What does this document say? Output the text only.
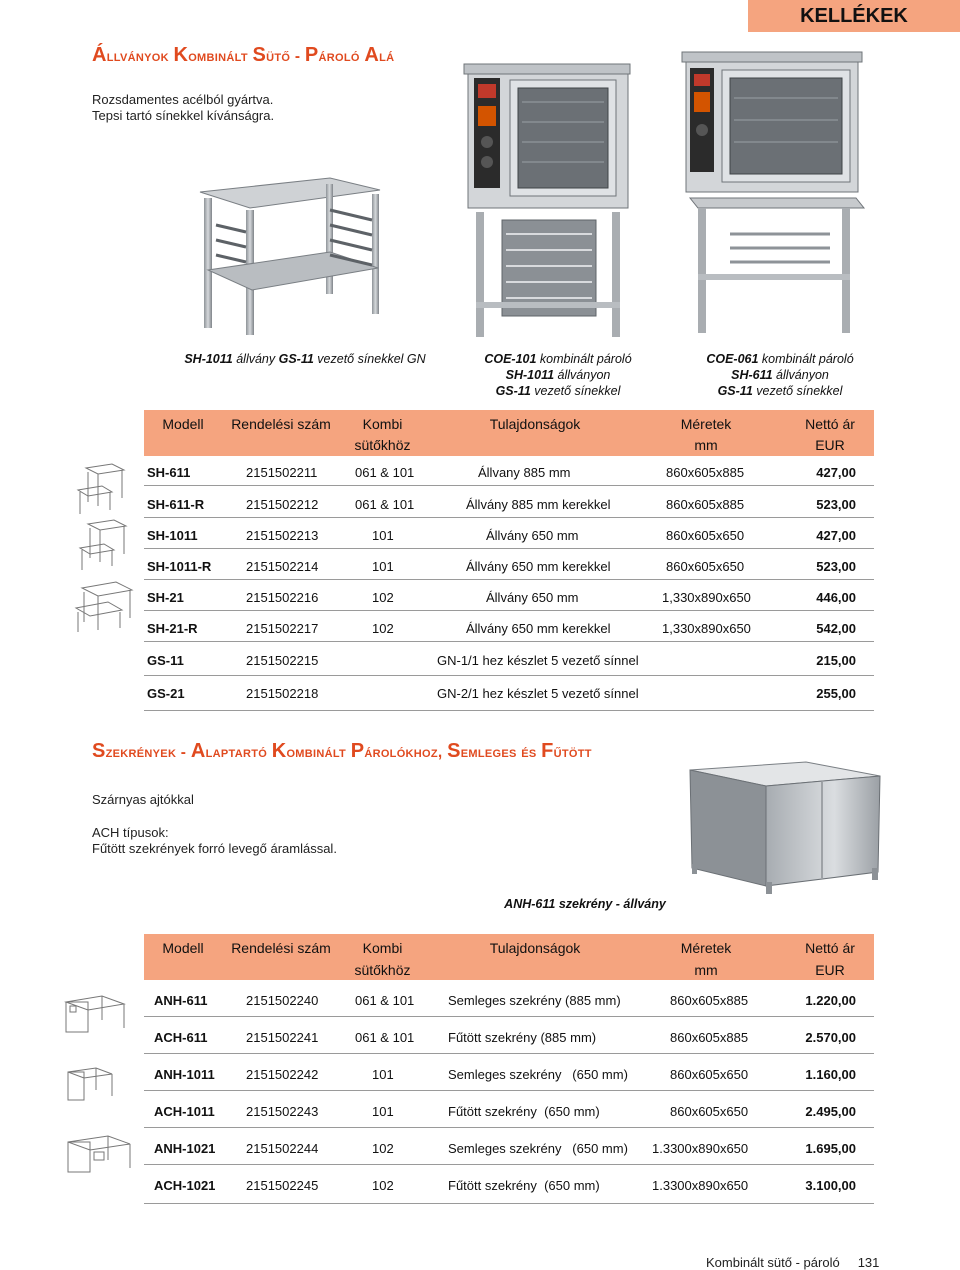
KELLÉKEK
Állványok Kombinált Sütő - Pároló Alá
Rozsdamentes acélból gyártva.
Tepsi tartó sínekkel kívánságra.
SH-1011 állvány GS-11 vezető sínekkel GN	COE-101 kombinált pároló
SH-1011 állványon
GS-11 vezető sínekkel
COE-061 kombinált pároló
SH-611 állványon
GS-11 vezető sínekkel
Modell	Rendelési szám	Kombi
sütőkhöz
Tulajdonságok	Méretek
mm
Nettó ár
EUR
SH-611	2151502211	061 & 101	Állvany 885 mm	860x605x885	427,00
SH-611-R	2151502212	061 & 101	Állvány 885 mm kerekkel	860x605x885	523,00
SH-1011	2151502213	101	Állvány 650 mm	860x605x650	427,00
SH-1011-R	2151502214	101	Állvány 650 mm kerekkel	860x605x650	523,00
SH-21	2151502216	102	Állvány 650 mm	1,330x890x650	446,00
SH-21-R	2151502217	102	Állvány 650 mm kerekkel	1,330x890x650	542,00
GS-11	2151502215	GN-1/1 hez készlet 5 vezető sínnel	215,00
GS-21	2151502218	GN-2/1 hez készlet 5 vezető sínnel	255,00
Szekrények - Alaptartó Kombinált Párolókhoz, Semleges és Fűtött
Szárnyas ajtókkal
ACH típusok:
Fűtött szekrények forró levegő áramlással.
ANH-611 szekrény - állvány
Modell	Rendelési szám	Kombi
sütőkhöz
Tulajdonságok	Méretek
mm
Nettó ár
EUR
ANH-611	2151502240	061 & 101	Semleges szekrény (885 mm)	860x605x885	1.220,00
ACH-611	2151502241	061 & 101	Fűtött szekrény (885 mm)	860x605x885	2.570,00
ANH-1011 2151502242	101	Semleges szekrény   (650 mm)	860x605x650	1.160,00
ACH-1011 2151502243	101	Fűtött szekrény  (650 mm)	860x605x650	2.495,00
ANH-1021 2151502244	102	Semleges szekrény   (650 mm) 1.3300x890x650	1.695,00
ACH-1021 2151502245	102	Fűtött szekrény  (650 mm)	1.3300x890x650	3.100,00
Kombinált sütő - pároló 131
